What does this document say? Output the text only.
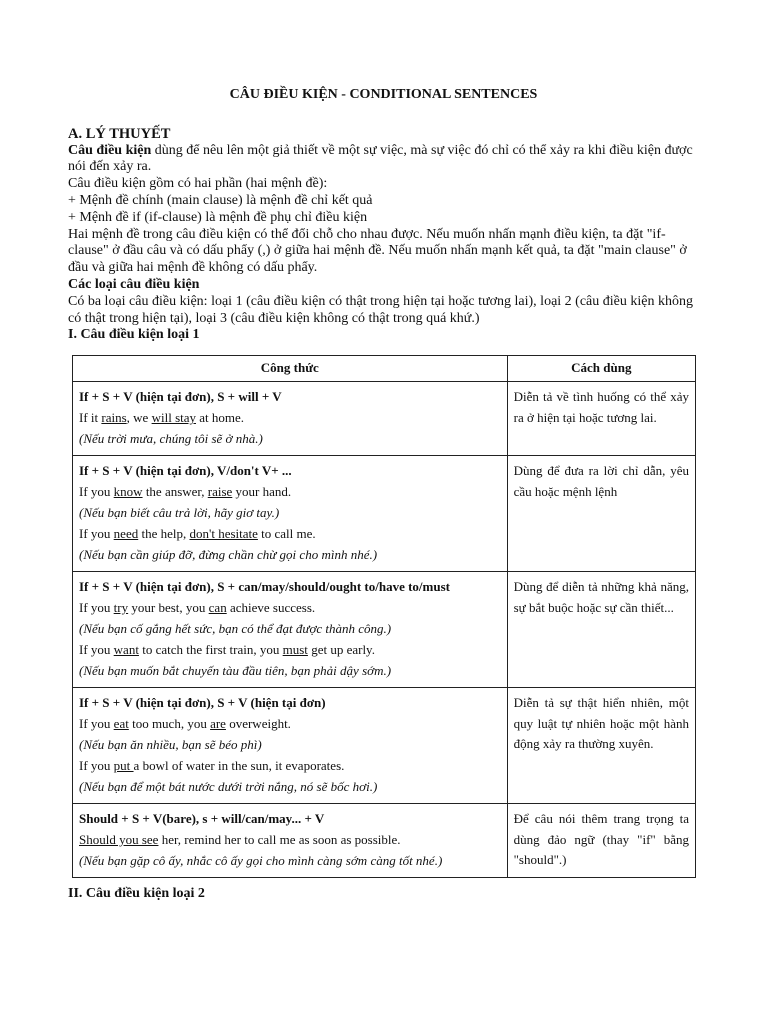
CÂU ĐIỀU KIỆN - CONDITIONAL SENTENCES
A. LÝ THUYẾT

Câu điều kiện dùng để nêu lên một giả thiết về một sự việc, mà sự việc đó chỉ có thể xảy ra khi điều kiện được nói đến xảy ra.

Câu điều kiện gồm có hai phần (hai mệnh đề):

+ Mệnh đề chính (main clause) là mệnh đề chỉ kết quả

+ Mệnh đề if (if-clause) là mệnh đề phụ chỉ điều kiện

Hai mệnh đề trong câu điều kiện có thể đổi chỗ cho nhau được. Nếu muốn nhấn mạnh điều kiện, ta đặt "if-clause" ở đầu câu và có dấu phẩy (,) ở giữa hai mệnh đề. Nếu muốn nhấn mạnh kết quả, ta đặt "main clause" ở đầu và giữa hai mệnh đề không có dấu phẩy.

Các loại câu điều kiện

Có ba loại câu điều kiện: loại 1 (câu điều kiện có thật trong hiện tại hoặc tương lai), loại 2 (câu điều kiện không có thật trong hiện tại), loại 3 (câu điều kiện không có thật trong quá khứ.)

I. Câu điều kiện loại 1

Công thức	Cách dùng

If + S + V (hiện tại đơn), S + will + V
If it rains, we will stay at home.
(Nếu trời mưa, chúng tôi sẽ ở nhà.)	Diễn tả về tình huống có thể xảy ra ở hiện tại hoặc tương lai.

If + S + V (hiện tại đơn), V/don't V+ ...
If you know the answer, raise your hand.
(Nếu bạn biết câu trả lời, hãy giơ tay.)
If you need the help, don't hesitate to call me.
(Nếu bạn cần giúp đỡ, đừng chần chừ gọi cho mình nhé.)	Dùng để đưa ra lời chỉ dẫn, yêu cầu hoặc mệnh lệnh

If + S + V (hiện tại đơn), S + can/may/should/ought to/have to/must
If you try your best, you can achieve success.
(Nếu bạn cố gắng hết sức, bạn có thể đạt được thành công.)
If you want to catch the first train, you must get up early.
(Nếu bạn muốn bắt chuyến tàu đầu tiên, bạn phải dậy sớm.)	Dùng để diễn tả những khả năng, sự bắt buộc hoặc sự cần thiết...

If + S + V (hiện tại đơn), S + V (hiện tại đơn)
If you eat too much, you are overweight.
(Nếu bạn ăn nhiều, bạn sẽ béo phì)
If you put a bowl of water in the sun, it evaporates.
(Nếu bạn để một bát nước dưới trời nắng, nó sẽ bốc hơi.)	Diễn tả sự thật hiển nhiên, một quy luật tự nhiên hoặc một hành động xảy ra thường xuyên.

Should + S + V(bare), s + will/can/may... + V
Should you see her, remind her to call me as soon as possible.
(Nếu bạn gặp cô ấy, nhắc cô ấy gọi cho mình càng sớm càng tốt nhé.)	Để câu nói thêm trang trọng ta dùng đảo ngữ (thay "if" bằng "should".)

II. Câu điều kiện loại 2
